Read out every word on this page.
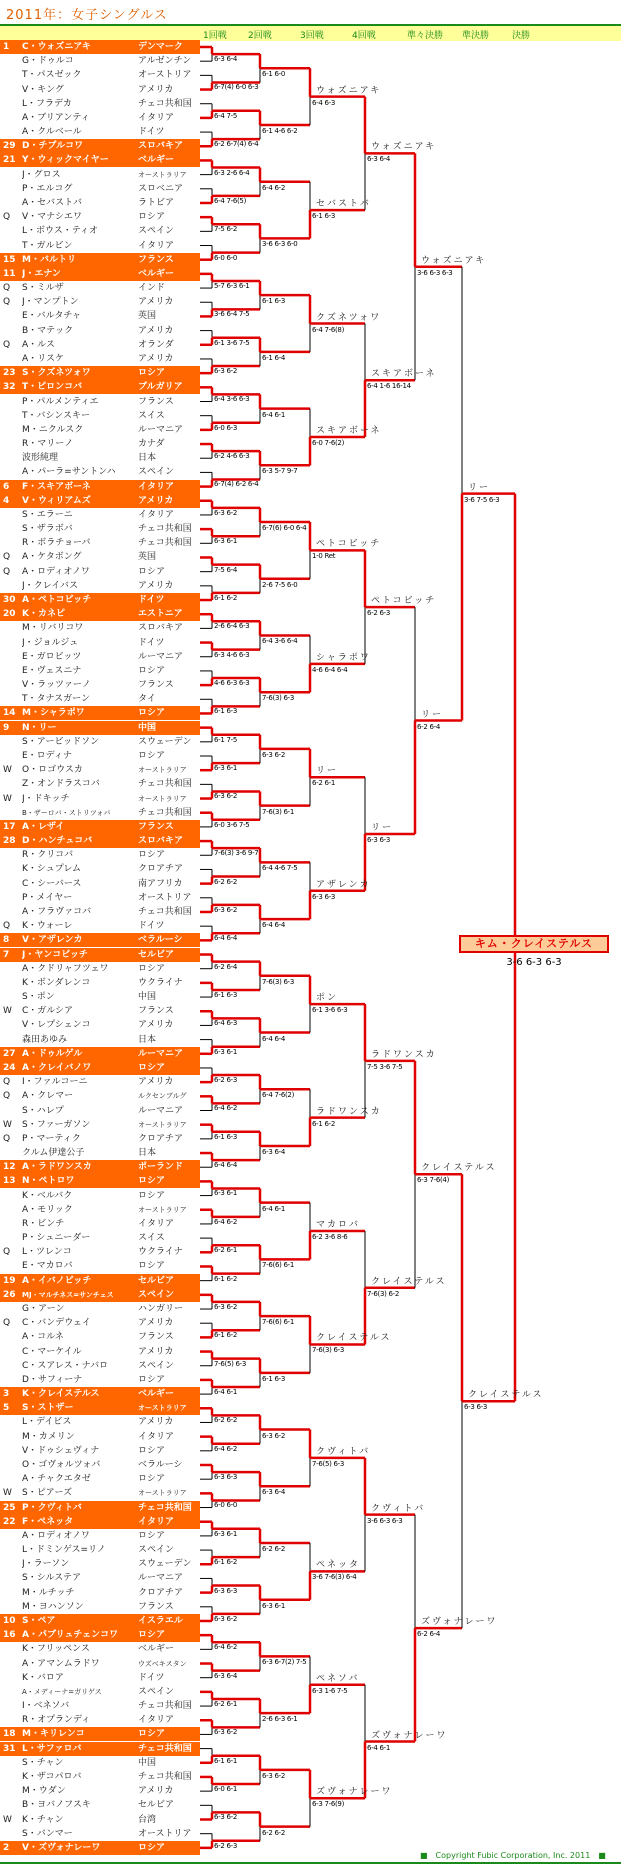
2011年：女子シングルス
1回戦 2回戦	3回戦	4回戦	準々決勝 準決勝	決勝
1	C・ウォズニアキ	デンマーク
G・ドゥルコ	アルゼンチン
T・パスゼック	オーストリア
V・キング	アメリカ
L・フラデカ	チェコ共和国
A・ブリアンティ	イタリア
A・クルベール	ドイツ
29 D・チブルコワ	スロバキア
21 Y・ウィックマイヤー	ベルギー
J・グロス	オーストラリア
P・エルコグ	スロベニア
A・セバストバ	ラトビア
Q	V・マナシエワ	ロシア
L・ボウス・ティオ	スペイン
T・ガルビン	イタリア
15 M・バルトリ	フランス
11 J・エナン	ベルギー
Q	S・ミルザ	インド
Q	J・マンプトン	アメリカ
E・バルタチャ	英国
B・マテック	アメリカ
Q	A・ルス	オランダ
A・リスケ	アメリカ
23 S・クズネツォワ	ロシア
32 T・ピロンコバ	ブルガリア
P・パルメンティエ	フランス
T・バシンスキー	スイス
M・ニクルスク	ルーマニア
R・マリーノ	カナダ
波形純理	日本
A・パーラ=サントンハ	スペイン
6	F・スキアボーネ	イタリア
4	V・ウィリアムズ	アメリカ
S・エラーニ	イタリア
S・ザラボバ	チェコ共和国
R・ボラチョーバ	チェコ共和国
Q	A・ケタボング	英国
Q	A・ロディオノワ	ロシア
J・クレイバス	アメリカ
30 A・ペトコビッチ	ドイツ
20 K・カネピ	エストニア
M・リバリコワ	スロバキア
J・ジョルジュ	ドイツ
E・ガロビッツ	ルーマニア
E・ヴェスニナ	ロシア
V・ラッツァーノ	フランス
T・タナスガーン	タイ
14 M・シャラポワ	ロシア
9	N・リー	中国
S・アービッドソン	スウェーデン
E・ロディナ	ロシア
W	O・ロゴウスカ	オーストラリア
Z・オンドラスコバ	チェコ共和国
W	J・ドキッチ	オーストラリア
B・ザーロバ・ストリツォバ	チェコ共和国
17 A・レザイ	フランス
28 D・ハンチュコバ	スロバキア
R・クリコバ	ロシア
K・シュプレム	クロアチア
C・シーバース	南アフリカ
P・メイヤー	オーストリア
A・フラヴァコバ	チェコ共和国
Q	K・ウォーレ	ドイツ
8	V・アザレンカ	ベラルーシ
7	J・ヤンコビッチ	セルビア
A・クドリャフツェワ	ロシア
K・ボンダレンコ	ウクライナ
S・ポン	中国
W	C・ガルシア	フランス
V・レプシェンコ	アメリカ
森田あゆみ	日本
27 A・ドゥルゲル	ルーマニア
24 A・クレイバノワ	ロシア
Q	I・ファルコーニ	アメリカ
Q	A・クレマー	ルクセンブルグ
S・ハレプ	ルーマニア
W	S・ファーガソン	オーストラリア
Q	P・マーティク	クロアチア
クルム伊達公子	日本
12 A・ラドワンスカ	ポーランド
13 N・ペトロワ	ロシア
K・ベルバク	ロシア
A・モリック	オーストラリア
R・ビンチ	イタリア
P・シュニーダー	スイス
Q	L・ツレンコ	ウクライナ
E・マカロバ	ロシア
19 A・イバノビッチ	セルビア
26 MJ・マルチネス=サンチェス	スペイン
G・アーン	ハンガリー
Q	C・バンデウェイ	アメリカ
A・コルネ	フランス
C・マーケイル	アメリカ
C・スアレス・ナバロ	スペイン
D・サフィーナ	ロシア
3	K・クレイステルス	ベルギー
5	S・ストザー	オーストラリア
L・デイビス	アメリカ
M・カメリン	イタリア
V・ドゥシェヴィナ	ロシア
O・ゴヴォルツォバ	ベラルーシ
A・チャクエタゼ	ロシア
W	S・ピアーズ	オーストラリア
25 P・クヴィトバ	チェコ共和国
22 F・ペネッタ	イタリア
A・ロディオノワ	ロシア
L・ドミンゲス=リノ	スペイン
J・ラーソン	スウェーデン
S・シルステア	ルーマニア
M・ルチッチ	クロアチア
M・ヨハンソン	フランス
10 S・ペア	イスラエル
16 A・パブリュチェンコワ	ロシア
K・フリッペンス	ベルギー
A・アマンムラドワ	ウズベキスタン
K・バロア	ドイツ
A・メディーナ=ガリゲス	スペイン
I・ベネソバ	チェコ共和国
R・オプランディ	イタリア
18 M・キリレンコ	ロシア
31 L・サファロバ	チェコ共和国
S・チャン	中国
K・ザコパロバ	チェコ共和国
M・ウダン	アメリカ
B・ヨバノフスキ	セルビア
W	K・チャン	台湾
S・バンマー	オーストリア
2	V・ズヴォナレーワ	ロシア
6-3 6-4
6-7(4) 6-0 6-3
6-4 7-5
6-2 6-7(4) 6-4
6-3 2-6 6-4
6-4 7-6(5)
7-5 6-2
6-0 6-0
5-7 6-3 6-1
3-6 6-4 7-5
6-1 3-6 7-5
6-3 6-2
6-4 3-6 6-3
6-0 6-3
6-2 4-6 6-3
6-7(4) 6-2 6-4
6-3 6-2
6-3 6-1
7-5 6-4
6-1 6-2
2-6 6-4 6-3
6-3 4-6 6-3
4-6 6-3 6-3
6-1 6-3
6-1 7-5
6-3 6-1
6-3 6-2
6-0 3-6 7-5
7-6(3) 3-6 9-7
6-2 6-2
6-3 6-2
6-4 6-4
6-2 6-4
6-1 6-3
6-4 6-3
6-3 6-1
6-2 6-3
6-4 6-2
6-1 6-3
6-4 6-4
6-3 6-1
6-4 6-2
6-2 6-1
6-1 6-2
6-3 6-2
6-1 6-2
7-6(5) 6-3
6-4 6-1
6-2 6-2
6-4 6-2
6-3 6-3
6-0 6-0
6-3 6-1
6-1 6-2
6-3 6-3
6-3 6-2
6-4 6-2
6-3 6-4
6-2 6-1
6-3 6-2
6-1 6-1
6-0 6-1
6-3 6-2
6-2 6-3
6-1 6-0
6-1 4-6 6-2
6-4 6-2
3-6 6-3 6-0
6-1 6-3
6-1 6-4
6-4 6-1
6-3 5-7 9-7
6-7(6) 6-0 6-4
2-6 7-5 6-0
6-4 3-6 6-4
7-6(3) 6-3
6-3 6-2
7-6(3) 6-1
6-4 4-6 7-5
6-4 6-4
7-6(3) 6-3
6-4 6-4
6-4 7-6(2)
6-3 6-4
6-4 6-1
7-6(6) 6-1
7-6(6) 6-1
6-1 6-3
6-3 6-2
6-3 6-4
6-2 6-2
6-3 6-1
6-3 6-7(2) 7-5
2-6 6-3 6-1
6-3 6-2
6-2 6-2
ウォズニアキ
6-4 6-3
セバストバ
6-1 6-3
クズネツォワ
6-4 7-6(8)
スキアボーネ
6-0 7-6(2)
ペトコビッチ
1-0 Ret
シャラポワ
4-6 6-4 6-4
リー
6-2 6-1
アザレンカ
6-3 6-3
ポン
6-1 3-6 6-3
ラドワンスカ
6-1 6-2
マカロバ
6-2 3-6 8-6
クレイステルス
7-6(3) 6-3
クヴィトバ
7-6(5) 6-3
ペネッタ
3-6 7-6(3) 6-4
ペネソバ
6-3 1-6 7-5
ズヴォナレーワ
6-3 7-6(9)
ウォズニアキ
6-3 6-4
スキアボーネ
6-4 1-6 16-14
ペトコビッチ
6-2 6-3
リー
6-3 6-3
ラドワンスカ
7-5 3-6 7-5
クレイステルス
7-6(3) 6-2
クヴィトバ
3-6 6-3 6-3
ズヴォナレーワ
6-4 6-1
ウォズニアキ
3-6 6-3 6-3
リー
6-2 6-4
クレイステルス
6-3 7-6(4)
ズヴォナレーワ
6-2 6-4
リー
3-6 7-5 6-3
クレイステルス
6-3 6-3
キム・クレイステルス
3-6 6-3 6-3
■　Copyright Fubic Corporation, Inc. 2011　■
